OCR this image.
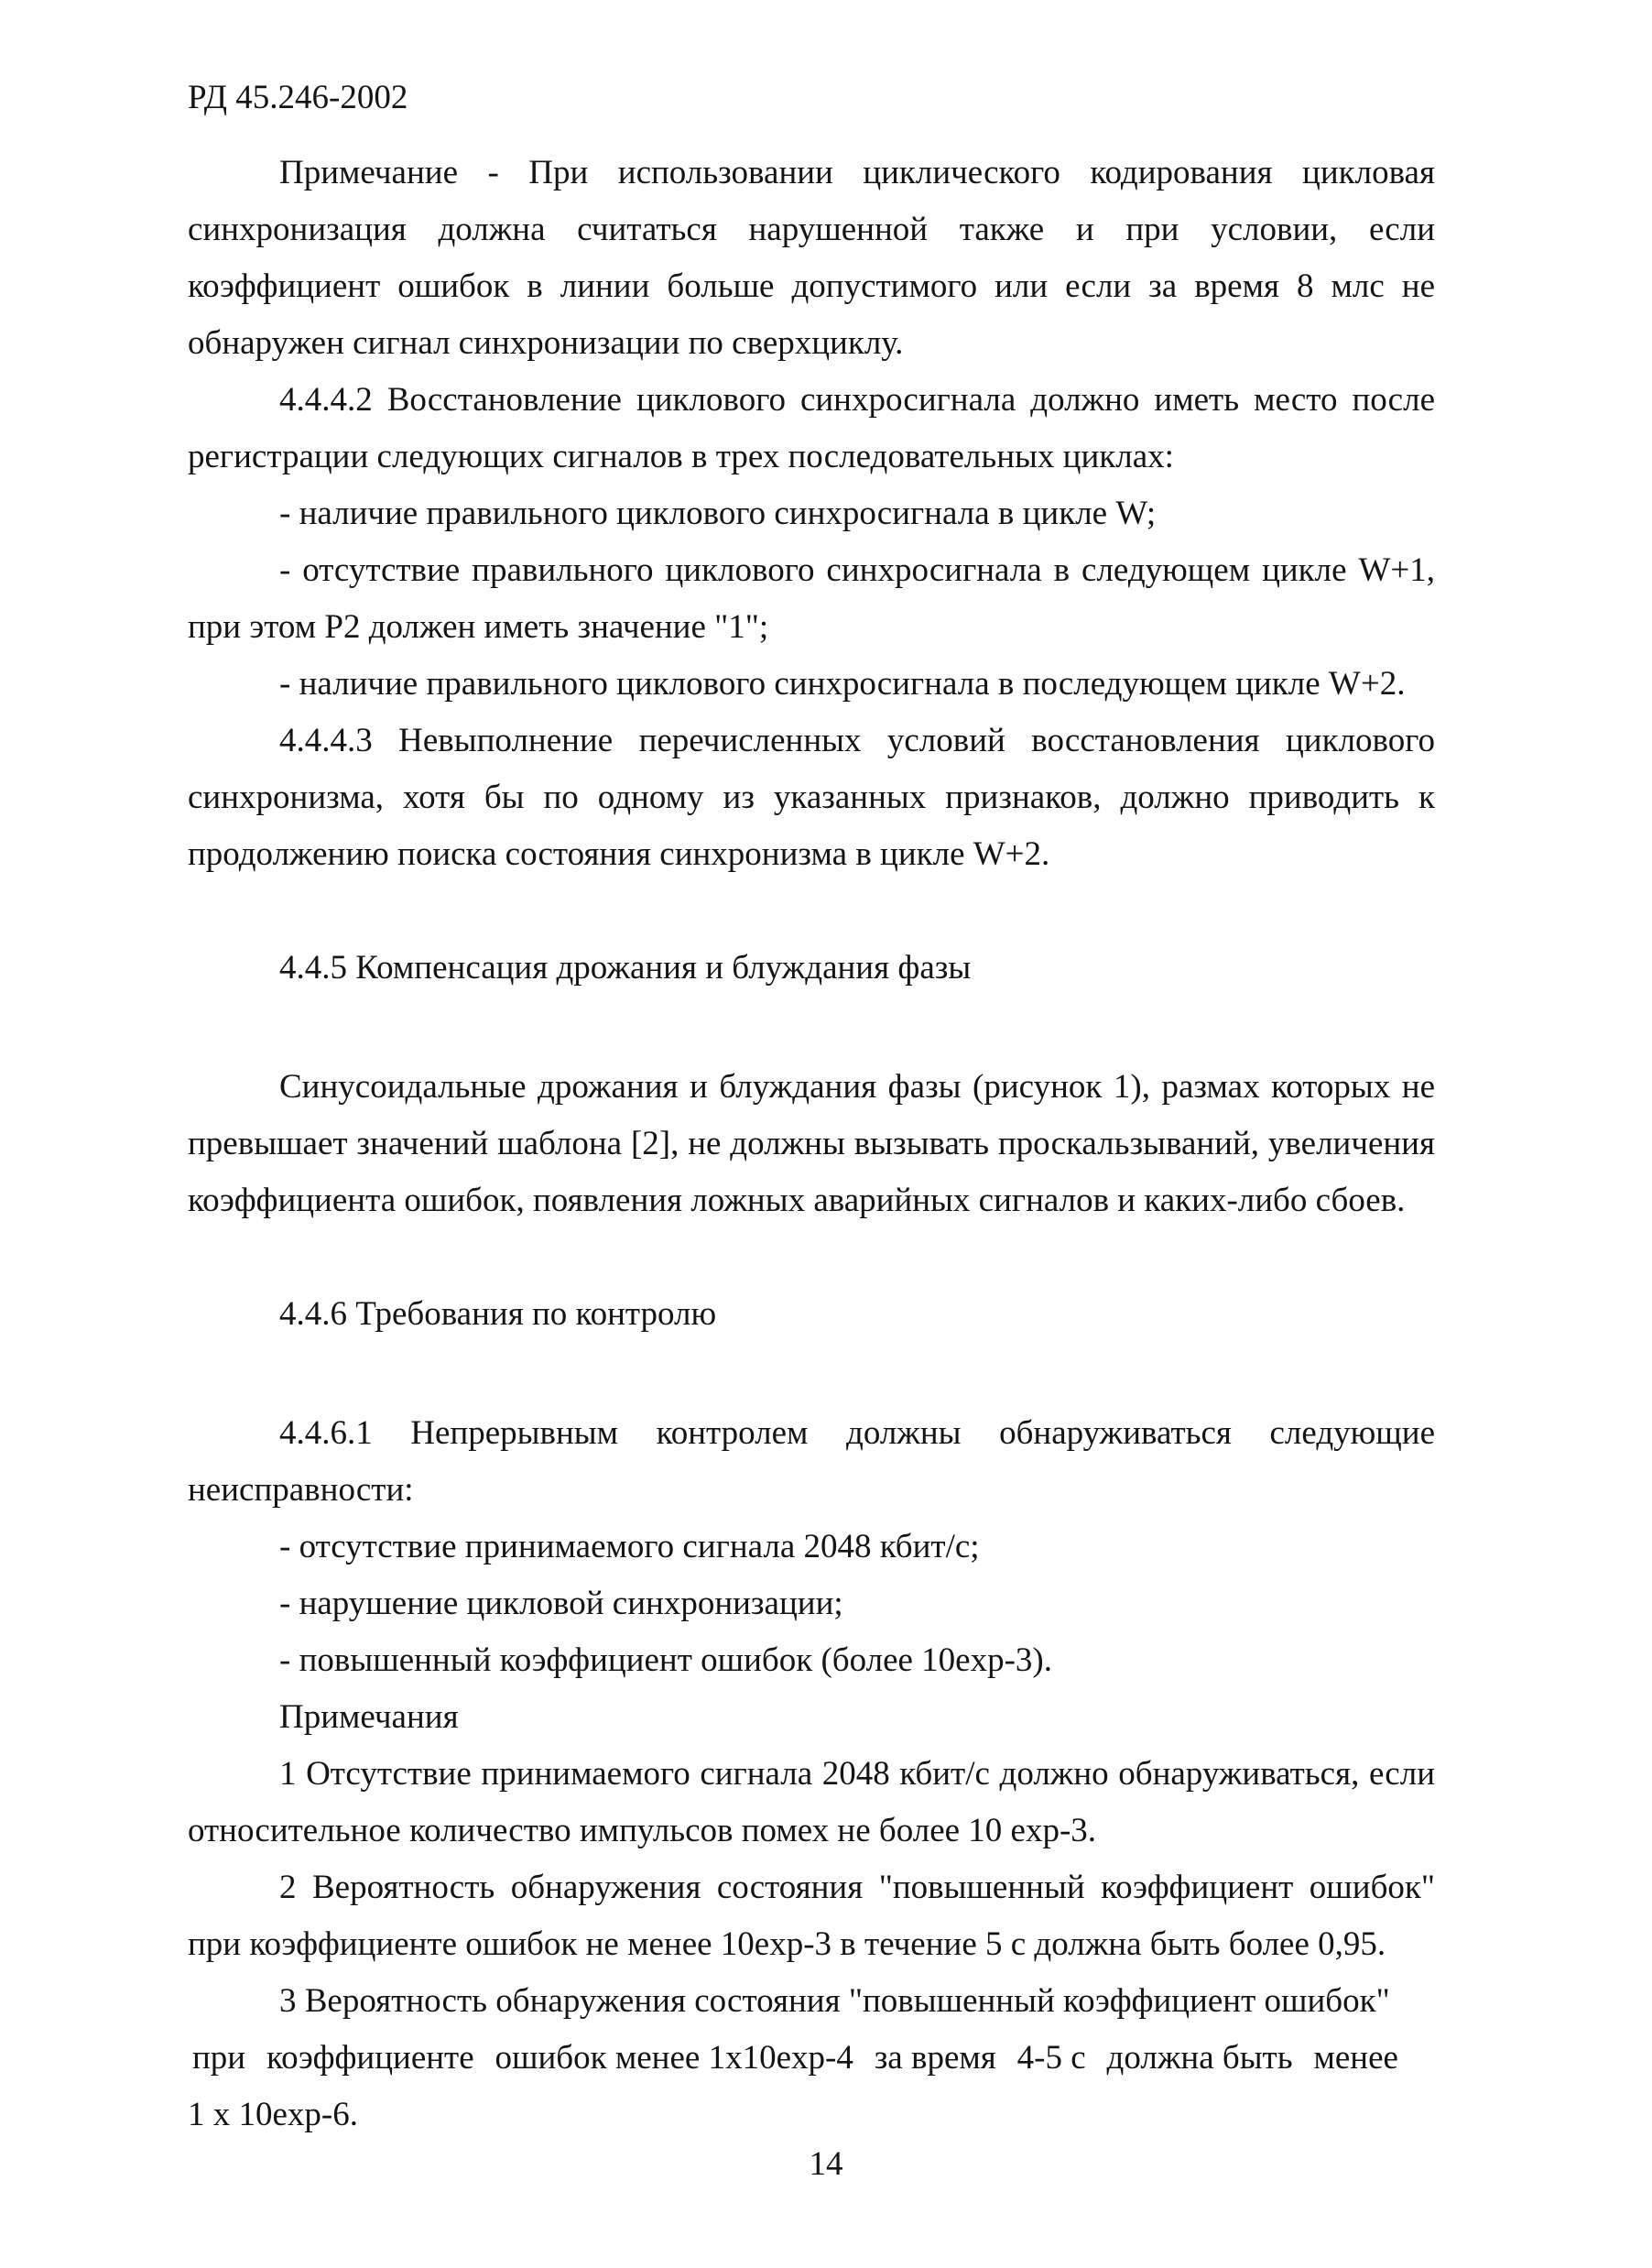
РД 45.246-2002

Примечание - При использовании циклического кодирования цикловая синхронизация должна считаться нарушенной также и при условии, если коэффициент ошибок в линии больше допустимого или если за время 8 млс не обнаружен сигнал синхронизации по сверхциклу.

4.4.4.2 Восстановление циклового синхросигнала должно иметь место после регистрации следующих сигналов в трех последовательных циклах:

- наличие правильного циклового синхросигнала в цикле W;

- отсутствие правильного циклового синхросигнала в следующем цикле W+1, при этом Р2 должен иметь значение "1";

- наличие правильного циклового синхросигнала в последующем цикле W+2.

4.4.4.3 Невыполнение перечисленных условий восстановления циклового синхронизма, хотя бы по одному из указанных признаков, должно приводить к продолжению поиска состояния синхронизма в цикле W+2.

4.4.5 Компенсация дрожания и блуждания фазы

Синусоидальные дрожания и блуждания фазы (рисунок 1), размах которых не превышает значений шаблона [2], не должны вызывать проскальзываний, увеличения коэффициента ошибок, появления ложных аварийных сигналов и каких-либо сбоев.

4.4.6 Требования по контролю

4.4.6.1 Непрерывным контролем должны обнаруживаться следующие неисправности:

- отсутствие принимаемого сигнала 2048 кбит/с;

- нарушение цикловой синхронизации;

- повышенный коэффициент ошибок (более 10exp-3).

Примечания

1 Отсутствие принимаемого сигнала 2048 кбит/с должно обнаруживаться, если относительное количество импульсов помех не более 10 exp-3.

2 Вероятность обнаружения состояния "повышенный коэффициент ошибок" при коэффициенте ошибок не менее 10exp-3 в течение 5 с должна быть более 0,95.

3 Вероятность обнаружения состояния "повышенный коэффициент ошибок"

при коэффициенте ошибок менее 1x10exp-4 за время 4-5 с должна быть менее

1 x 10exp-6.

14
